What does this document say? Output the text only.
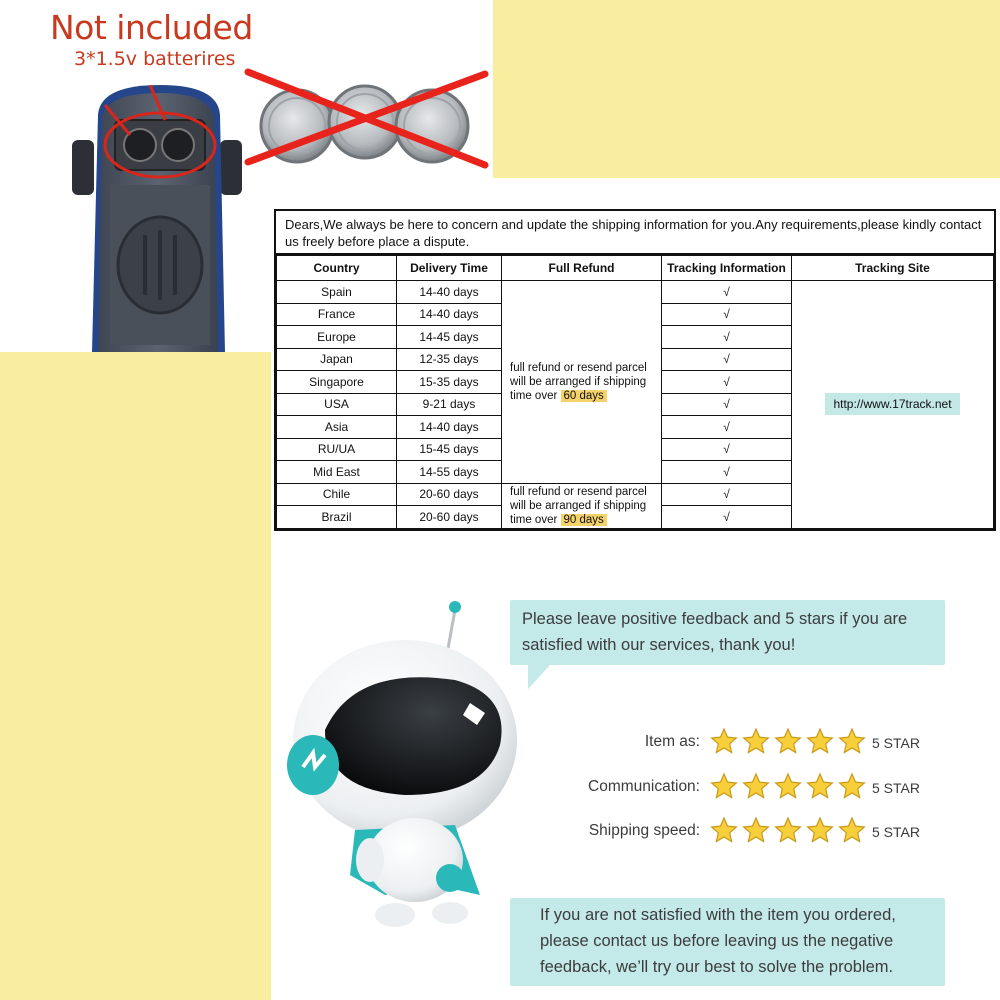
Not included
3*1.5v batterires
Dears,We always be here to concern and update the shipping information for you.Any requirements,please kindly contact us freely before place a dispute.
Country	Delivery Time	Full Refund	Tracking Information	Tracking Site
Spain	14-40 days	full refund or resend parcel will be arranged if shipping time over 60 days	√	http://www.17track.net
France	14-40 days		√	
Europe	14-45 days		√	
Japan	12-35 days		√	
Singapore	15-35 days		√	
USA	9-21 days		√	
Asia	14-40 days		√	
RU/UA	15-45 days		√	
Mid East	14-55 days		√	
Chile	20-60 days	full refund or resend parcel will be arranged if shipping time over 90 days	√	
Brazil	20-60 days		√	
Please leave positive feedback and 5 stars if you are satisfied with our services, thank you!
Item as:	5 STAR
Communication:	5 STAR
Shipping speed:	5 STAR
If you are not satisfied with the item you ordered, please contact us before leaving us the negative feedback, we’ll try our best to solve the problem.
